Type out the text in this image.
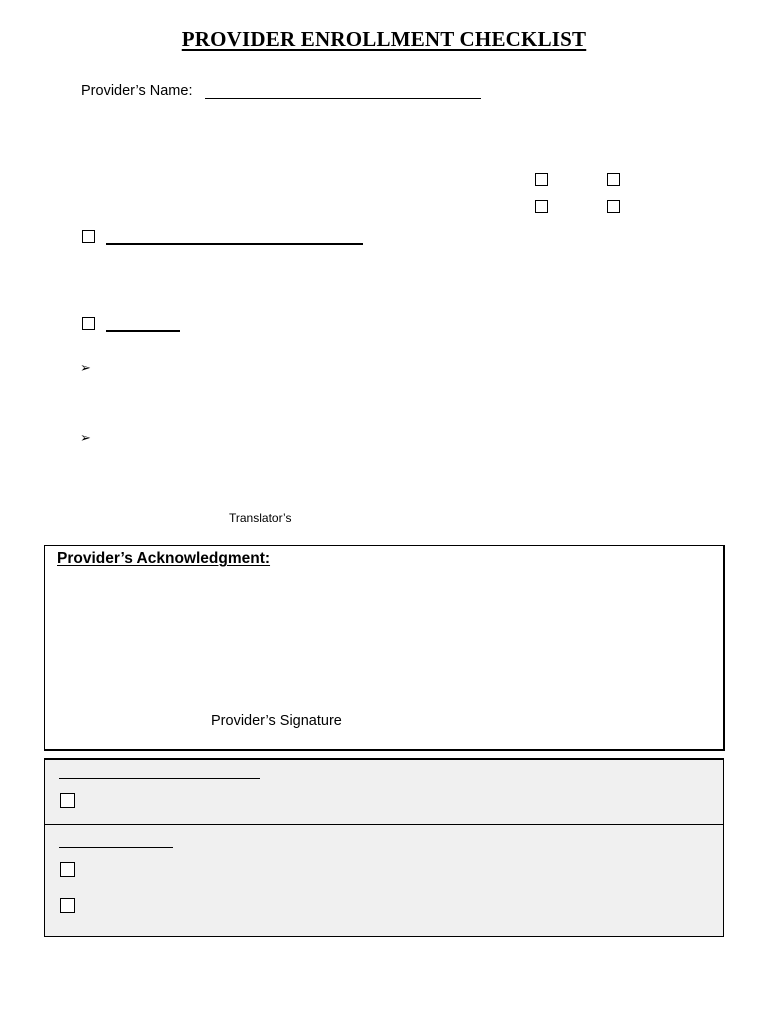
PROVIDER ENROLLMENT CHECKLIST
Provider’s Name:
➢
➢
Translator’s
Provider’s Acknowledgment:
Provider’s Signature
